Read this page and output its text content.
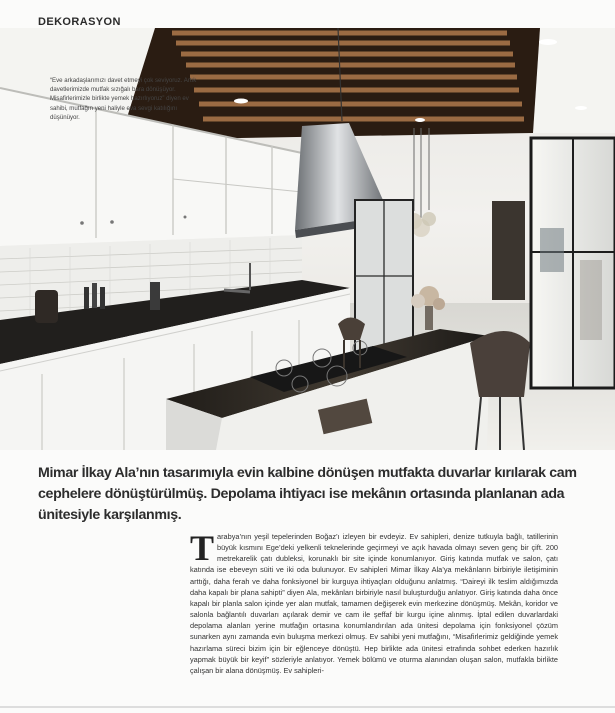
DEKORASYON
“Eve arkadaşlarımızı davet etmeyi çok seviyoruz. Artık davetlerimizde mutfak sızığalı bara dönüşüyor. Misafirlerimizle birlikte yemek hazırlıyoruz” diyen ev sahibi, mutfağın yeni haliyle eva sevgi katılığını düşünüyor.
Mimar İlkay Ala’nın tasarımıyla evin kalbine dönüşen mutfakta duvarlar kırılarak cam cephelere dönüştürülmüş. Depolama ihtiyacı ise mekânın ortasında planlanan ada ünitesiyle karşılanmış.

Tarabya’nın yeşil tepelerinden Boğaz’ı izleyen bir evdeyiz. Ev sahipleri, denize tutkuyla bağlı, tatillerinin büyük kısmını Ege’deki yelkenli teknelerinde geçirmeyi ve açık havada olmayı seven genç bir çift. 200 metrekarelik çatı dubleksi, korunaklı bir site içinde konumlanıyor. Giriş katında mutfak ve salon, çatı katında ise ebeveyn süiti ve iki oda bulunuyor. Ev sahipleri Mimar İlkay Ala’ya mekânların birbiriyle iletişiminin arttığı, daha ferah ve daha fonksiyonel bir kurguya ihtiyaçları olduğunu anlatmış. “Daireyi ilk teslim aldığımızda daha kapalı bir plana sahipti” diyen Ala, mekânları birbiriyle nasıl buluşturduğu anlatıyor. Giriş katında daha önce kapalı bir planla salon içinde yer alan mutfak, tamamen değişerek evin merkezine dönüşmüş. Mekân, koridor ve salonla bağlantılı duvarları açılarak demir ve cam ile şeffaf bir kurgu içine alınmış. İptal edilen duvarlardaki depolama alanları yerine mutfağın ortasına konumlandırılan ada ünitesi depolama için fonksiyonel çözüm sunarken aynı zamanda evin buluşma merkezi olmuş. Ev sahibi yeni mutfağını, “Misafirlerimiz geldiğinde yemek hazırlama süreci bizim için bir eğlenceye dönüştü. Hep birlikte ada ünitesi etrafında sohbet ederken hazırlık yapmak büyük bir keyif” sözleriyle anlatıyor. Yemek bölümü ve oturma alanından oluşan salon, mutfakla birlikte çalışan bir alana dönüşmüş. Ev sahipleri-
